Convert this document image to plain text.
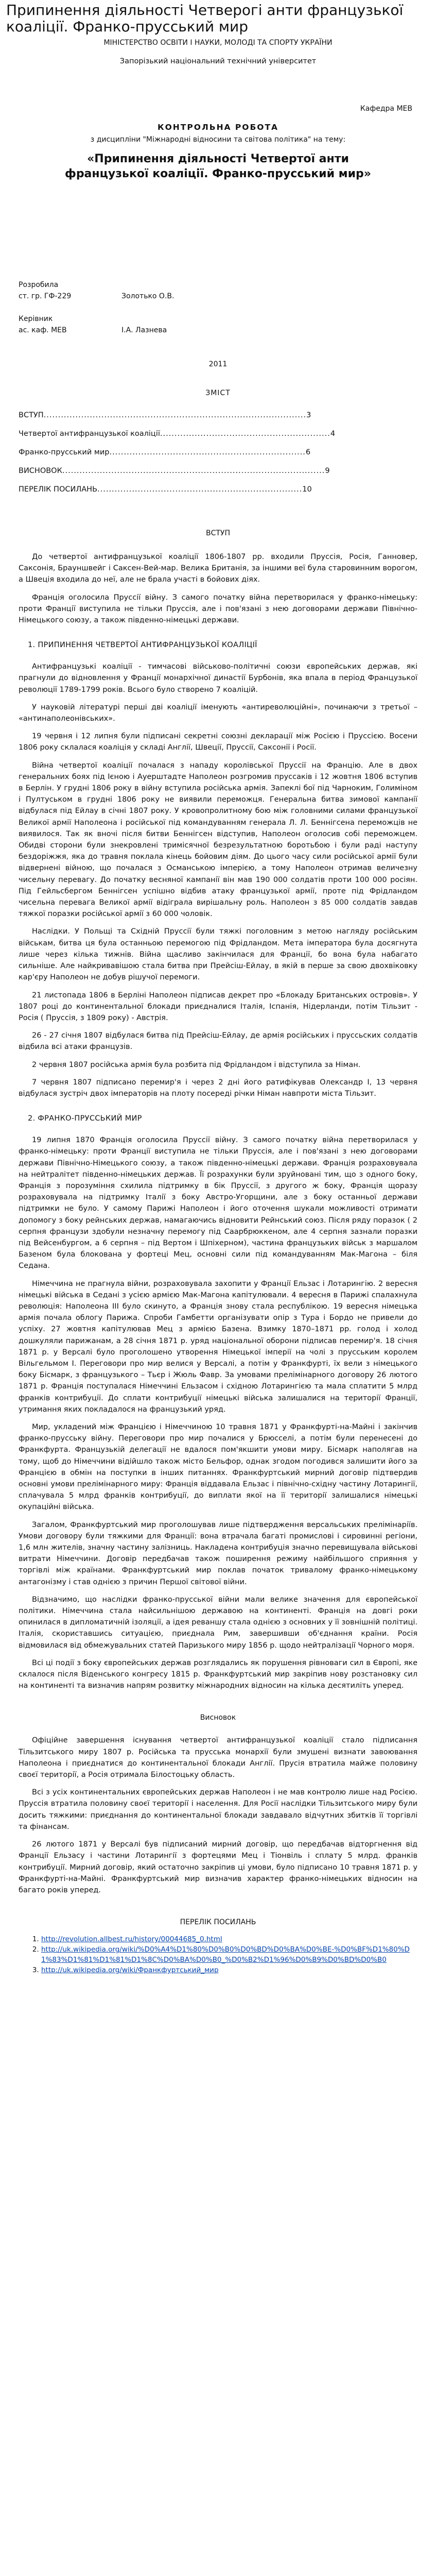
Припинення діяльності Четверогі анти французької коаліції. Франко-прусський мир

МІНІСТЕРСТВО ОСВІТИ І НАУКИ, МОЛОДІ ТА СПОРТУ УКРАЇНИ

Запорізький національний технічний університет

Кафедра МЕВ

КОНТРОЛЬНА РОБОТА

з дисципліни "Міжнародні відносини та світова політика" на тему:

«Припинення діяльності Четвертої анти французької коаліції. Франко-прусський мир»

Розробила
ст. гр. ГФ-229	Золотько О.В.
Керівник
ас. каф. МЕВ	І.А. Лазнева

2011

ЗМІСТ

ВСТУП ........................................................................................... 3
Четвертої антифранцузької коаліції ........................................................... 4
Франко-прусський мир .................................................................... 6
ВИСНОВОК ........................................................................................... 9
ПЕРЕЛІК ПОСИЛАНЬ ....................................................................... 10

ВСТУП

До четвертої антифранцузької коаліції 1806-1807 рр. входили Пруссія, Росія, Ганновер, Саксонія, Брауншвейг і Саксен-Вей-мар. Велика Британія, за іншими веї була старовинним ворогом, а Швеція входила до неї, але не брала участі в бойових діях.

Франція оголосила Пруссії війну. З самого початку війна перетворилася у франко-німецьку: проти Франції виступила не тільки Пруссія, але і пов'язані з нею договорами держави Північно-Німецького союзу, а також південно-німецькі держави.

1. ПРИПИНЕННЯ ЧЕТВЕРТОЇ АНТИФРАНЦУЗЬКОЇ КОАЛІЦІЇ

Антифранцузькі коаліції - тимчасові військово-політичні союзи європейських держав, які прагнули до відновлення у Франції монархічної династії Бурбонів, яка впала в період Французької революції 1789-1799 років. Всього було створено 7 коаліцій.

У науковій літературі перші дві коаліції іменують «антиреволюційні», починаючи з третьої – «антинаполеонівських».

19 червня і 12 липня були підписані секретні союзні декларації між Росією і Пруссією. Восени 1806 року склалася коаліція у складі Англії, Швеції, Пруссії, Саксонії і Росії.

Війна четвертої коаліції почалася з нападу королівської Пруссії на Францію. Але в двох генеральних боях під Ієною і Ауерштадте Наполеон розгромив пруссаків і 12 жовтня 1806 вступив в Берлін. У грудні 1806 року в війну вступила російська армія. Запеклі бої під Чарноким, Голиміном і Пултуськом в грудні 1806 року не виявили переможця. Генеральна битва зимової кампанії відбулася під Ейлау в січні 1807 року. У кровопролитному бою між головними силами французької Великої армії Наполеона і російської під командуванням генерала Л. Л. Беннігсена переможців не виявилося. Так як вночі після битви Беннігсен відступив, Наполеон оголосив собі переможцем. Обидві сторони були знекровлені тримісячної безрезультатною боротьбою і були раді наступу бездоріжжя, яка до травня поклала кінець бойовим діям. До цього часу сили російської армії були відвернені війною, що почалася з Османською імперією, а тому Наполеон отримав величезну чисельну перевагу. До початку весняної кампанії він мав 190 000 солдатів проти 100 000 росіян. Під Гейльсбергом Беннігсен успішно відбив атаку французької армії, проте під Фрідландом чисельна перевага Великої армії відіграла вирішальну роль. Наполеон з 85 000 солдатів завдав тяжкої поразки російської армії з 60 000 чоловік.

Наслідки. У Польщі та Східній Пруссії були тяжкі поголовним з метою нагляду російським військам, битва ця була останньою перемогою під Фрідландом. Мета імператора була досягнута лише через кілька тижнів. Війна щасливо закінчилася для Франції, бо вона була набагато сильніше. Але найкривавішою стала битва при Прейсіш-Ейлау, в якій в перше за свою двохвіковку кар'єру Наполеон не добув рішучої перемоги.

21 листопада 1806 в Берліні Наполеон підписав декрет про «Блокаду Британських островів». У 1807 році до континентальної блокади приєдналися Італія, Іспанія, Нідерланди, потім Тільзит - Росія ( Пруссія, з 1809 року) - Австрія.

26 - 27 січня 1807 відбулася битва під Прейсіш-Ейлау, де армія російських і пруссьских солдатів відбила всі атаки французів.

2 червня 1807 російська армія була розбита під Фрідландом і відступила за Німан.

7 червня 1807 підписано перемир'я і через 2 дні його ратифікував Олександр І, 13 червня відбулася зустріч двох імператорів на плоту посереді річки Німан навпроти міста Тільзит.

2. ФРАНКО-ПРУССЬКИЙ МИР

19 липня 1870 Франція оголосила Пруссії війну. З самого початку війна перетворилася у франко-німецьку: проти Франції виступила не тільки Пруссія, але і пов'язані з нею договорами держави Північно-Німецького союзу, а також південно-німецькі держави. Франція розраховувала на нейтралітет південно-німецьких держав. Її розрахунки були зруйновані тим, що з одного боку, Франція з порозуміння схилила підтримку в бік Пруссії, з другого ж боку, Франція щоразу розраховувала на підтримку Італії з боку Австро-Угорщини, але з боку останньої держави підтримки не було. У самому Парижі Наполеон і його оточення шукали можливості отримати допомогу з боку рейнських держав, намагаючись відновити Рейнський союз. Після ряду поразок ( 2 серпня французи здобули незначну перемогу під Саарбрюккеном, але 4 серпня зазнали поразки під Вейсенбургом, а 6 серпня – під Вертом і Шпіхерном), частина французьких військ з маршалом Базеном була блокована у фортеці Мец, основні сили під командуванням Мак-Магона – біля Седана.

Німеччина не прагнула війни, розраховувала захопити у Франції Ельзас і Лотарингію. 2 вересня німецькі війська в Седані з усією армією Мак-Магона капітулювали. 4 вересня в Парижі спалахнула революція: Наполеона III було скинуто, а Франція знову стала республікою. 19 вересня німецька армія почала облогу Парижа. Спроби Гамбетти організувати опір з Тура і Бордо не привели до успіху. 27 жовтня капітулював Мец з армією Базена. Взимку 1870–1871 рр. голод і холод дошкуляли парижанам, а 28 січня 1871 р. уряд національної оборони підписав перемир'я. 18 січня 1871 р. у Версалі було проголошено утворення Німецької імперії на чолі з прусським королем Вільгельмом І. Переговори про мир велися у Версалі, а потім у Франкфурті, їх вели з німецького боку Бісмарк, з французького – Тьєр і Жюль Фавр. За умовами прелімінарного договору 26 лютого 1871 р. Франція поступалася Німеччині Ельзасом і східною Лотарингією та мала сплатити 5 млрд франків контрибуції. До сплати контрибуції німецькі війська залишалися на території Франції, утримання яких покладалося на французький уряд.

Мир, укладений між Францією і Німеччиною 10 травня 1871 у Франкфурті-на-Майні і закінчив франко-прусську війну. Переговори про мир почалися у Брюсселі, а потім були перенесені до Франкфурта. Французькій делегації не вдалося пом'якшити умови миру. Бісмарк наполягав на тому, щоб до Німеччини відійшло також місто Бельфор, однак згодом погодився залишити його за Францією в обмін на поступки в інших питаннях. Франкфуртський мирний договір підтвердив основні умови прелімінарного миру: Франція віддавала Ельзас і північно-східну частину Лотарингії, сплачувала 5 млрд франків контрибуції, до виплати якої на її території залишалися німецькі окупаційні війська.

Загалом, Франкфуртський мир проголошував лише підтвердження версальських прелімінаріїв. Умови договору були тяжкими для Франції: вона втрачала багаті промислові і сировинні регіони, 1,6 млн жителів, значну частину залізниць. Накладена контрибуція значно перевищувала військові витрати Німеччини. Договір передбачав також поширення режиму найбільшого сприяння у торгівлі між країнами. Франкфуртський мир поклав початок тривалому франко-німецькому антагонізму і став однією з причин Першої світової війни.

Відзначимо, що наслідки франко-прусської війни мали велике значення для європейської політики. Німеччина стала найсильнішою державою на континенті. Франція на довгі роки опинилася в дипломатичній ізоляції, а ідея реваншу стала однією з основних у її зовнішній політиці. Італія, скориставшись ситуацією, приєднала Рим, завершивши об'єднання країни. Росія відмовилася від обмежувальних статей Паризького миру 1856 р. щодо нейтралізації Чорного моря.

Всі ці події з боку європейських держав розглядались як порушення рівноваги сил в Європі, яке склалося після Віденського конгресу 1815 р. Франкфуртський мир закріпив нову розстановку сил на континенті та визначив напрям розвитку міжнародних відносин на кілька десятиліть уперед.

Висновок

Офіційне завершення існування четвертої антифранцузької коаліції стало підписання Тільзитського миру 1807 р. Російська та прусська монархії були змушені визнати завоювання Наполеона і приєднатися до континентальної блокади Англії. Прусія втратила майже половину своєї території, а Росія отримала Білостоцьку область.

Всі з усіх континентальних європейських держав Наполеон і не мав контролю лише над Росією. Пруссія втратила половину своєї території і населення. Для Росії наслідки Тільзитського миру були досить тяжкими: приєднання до континентальної блокади завдавало відчутних збитків її торгівлі та фінансам.

26 лютого 1871 у Версалі був підписаний мирний договір, що передбачав відторгнення від Франції Ельзасу і частини Лотарингії з фортецями Мец і Тіонвіль і сплату 5 млрд. франків контрибуції. Мирний договір, який остаточно закріпив ці умови, було підписано 10 травня 1871 р. у Франкфурті-на-Майні. Франкфуртський мир визначив характер франко-німецьких відносин на багато років уперед.

ПЕРЕЛІК ПОСИЛАНЬ

1. http://revolution.allbest.ru/history/00044685_0.html
2. http://uk.wikipedia.org/wiki/%D0%A4%D1%80%D0%B0%D0%BD%D0%BA%D0%BE-%D0%BF%D1%80%D1%83%D1%81%D1%81%D1%8C%D0%BA%D0%B0_%D0%B2%D1%96%D0%B9%D0%BD%D0%B0
3. http://uk.wikipedia.org/wiki/Франкфуртський_мир
